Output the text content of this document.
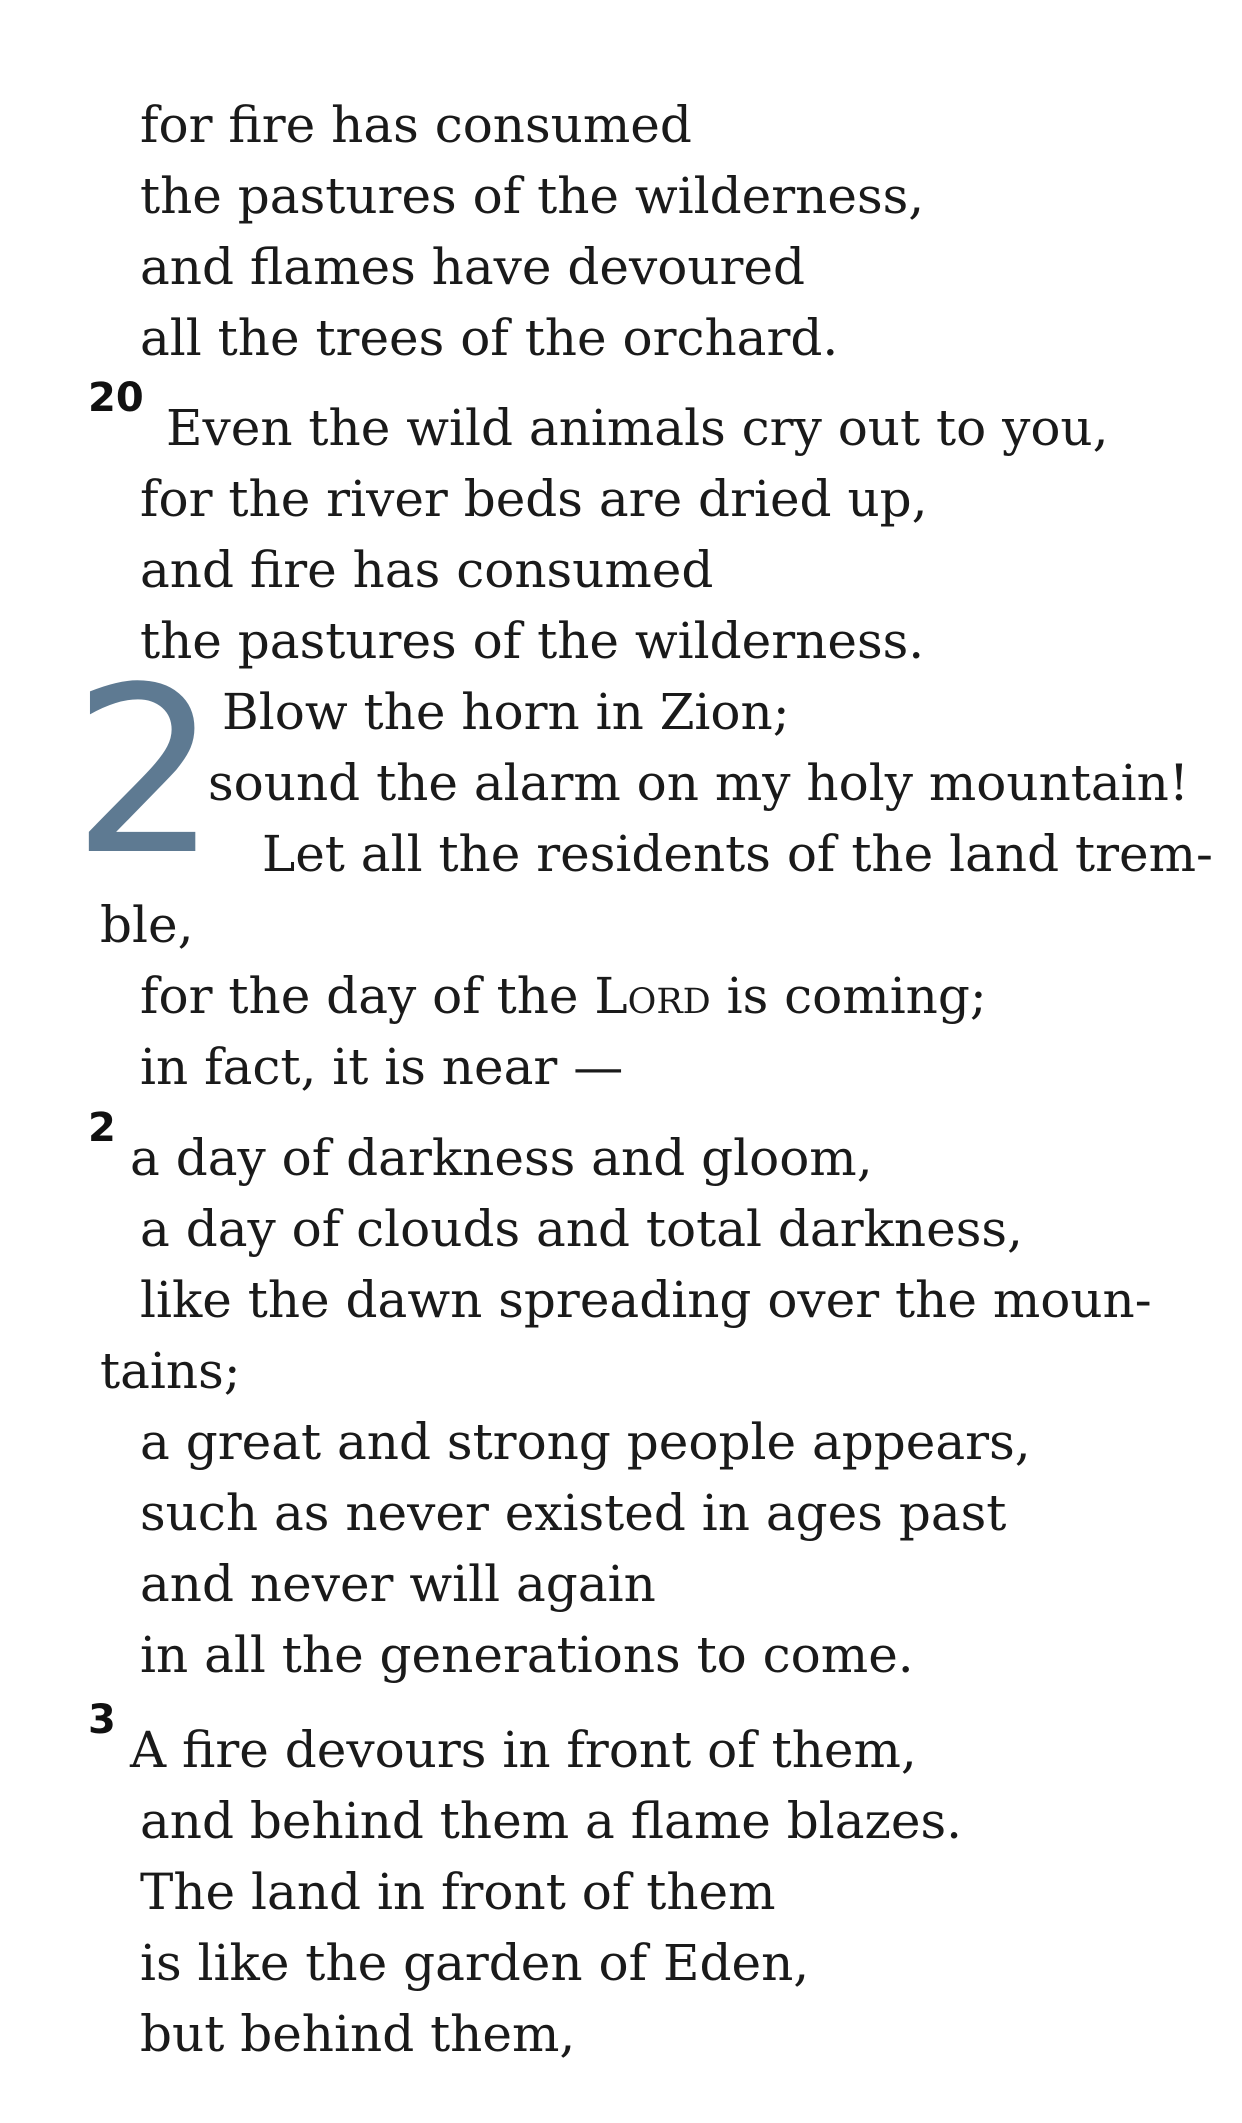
for fire has consumed
the pastures of the wilderness,
and flames have devoured
all the trees of the orchard.
20
Even the wild animals cry out to you,
for the river beds are dried up,
and fire has consumed
the pastures of the wilderness.
2 Blow the horn in Zion;
sound the alarm on my holy mountain!
Let all the residents of the land trem-
ble,
for the day of the Lord is coming;
in fact, it is near —
2
a day of darkness and gloom,
a day of clouds and total darkness,
like the dawn spreading over the moun-
tains;
a great and strong people appears,
such as never existed in ages past
and never will again
in all the generations to come.
3
A fire devours in front of them,
and behind them a flame blazes.
The land in front of them
is like the garden of Eden,
but behind them,
